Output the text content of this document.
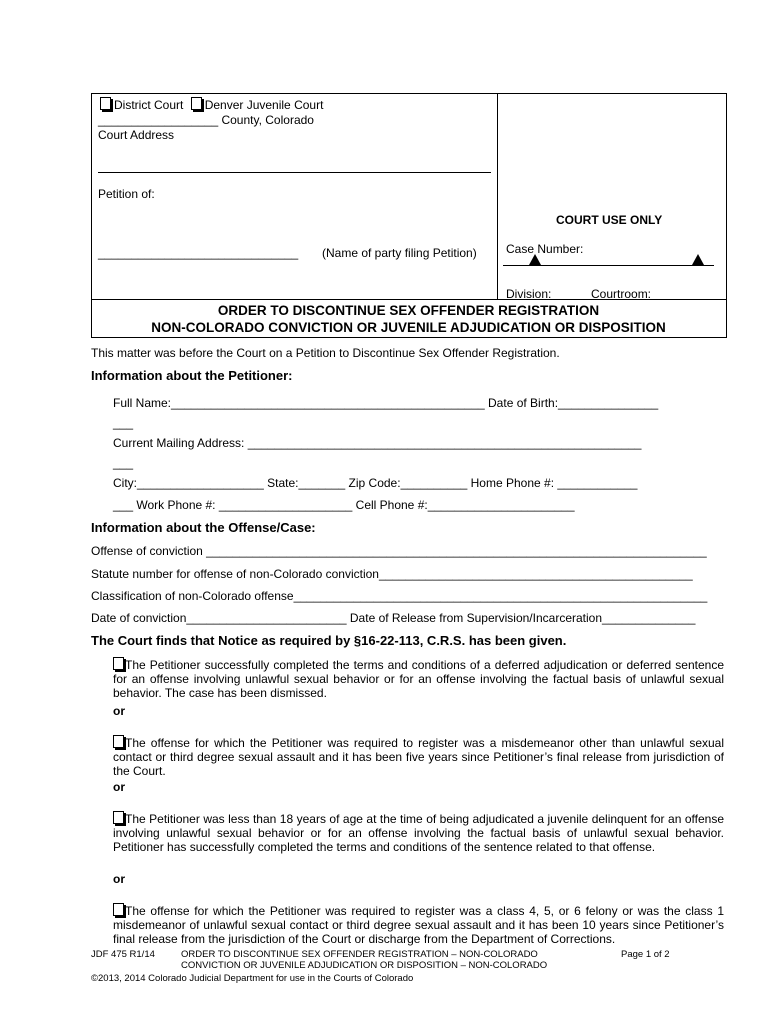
District Court Denver Juvenile Court
__________________ County, Colorado
Court Address
Petition of:
______________________________ (Name of party filing Petition)
COURT USE ONLY
Case Number:
Division:	Courtroom:
ORDER TO DISCONTINUE SEX OFFENDER REGISTRATION
NON-COLORADO CONVICTION OR JUVENILE ADJUDICATION OR DISPOSITION
This matter was before the Court on a Petition to Discontinue Sex Offender Registration.
Information about the Petitioner:
Full Name:_______________________________________________ Date of Birth:_______________
___
Current Mailing Address: ___________________________________________________________
___
City:___________________ State:_______ Zip Code:__________ Home Phone #: ____________
___ Work Phone #: ____________________ Cell Phone #:______________________
Information about the Offense/Case:
Offense of conviction ___________________________________________________________________________
Statute number for offense of non-Colorado conviction_______________________________________________
Classification of non-Colorado offense______________________________________________________________
Date of conviction________________________ Date of Release from Supervision/Incarceration______________
The Court finds that Notice as required by §16-22-113, C.R.S. has been given.
The Petitioner successfully completed the terms and conditions of a deferred adjudication or deferred sentence for an offense involving unlawful sexual behavior or for an offense involving the factual basis of unlawful sexual behavior. The case has been dismissed.
or
The offense for which the Petitioner was required to register was a misdemeanor other than unlawful sexual contact or third degree sexual assault and it has been five years since Petitioner’s final release from jurisdiction of the Court.
or
The Petitioner was less than 18 years of age at the time of being adjudicated a juvenile delinquent for an offense involving unlawful sexual behavior or for an offense involving the factual basis of unlawful sexual behavior. Petitioner has successfully completed the terms and conditions of the sentence related to that offense.
or
The offense for which the Petitioner was required to register was a class 4, 5, or 6 felony or was the class 1 misdemeanor of unlawful sexual contact or third degree sexual assault and it has been 10 years since Petitioner’s final release from the jurisdiction of the Court or discharge from the Department of Corrections.
JDF 475 R1/14	ORDER TO DISCONTINUE SEX OFFENDER REGISTRATION – NON-COLORADO
CONVICTION OR JUVENILE ADJUDICATION OR DISPOSITION – NON-COLORADO
Page 1 of 2
©2013, 2014 Colorado Judicial Department for use in the Courts of Colorado
